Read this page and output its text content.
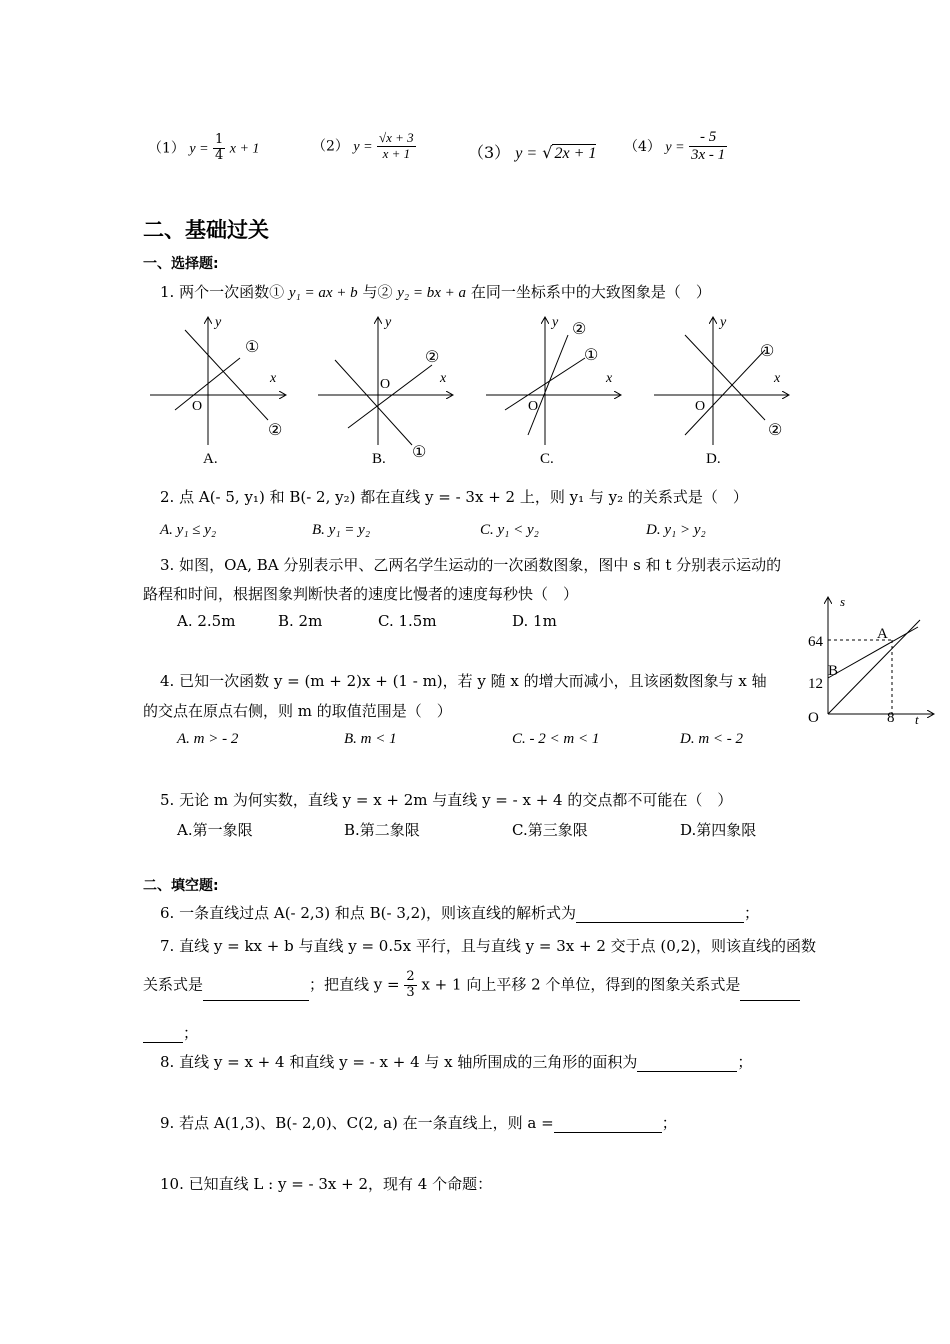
（1） $y = \frac{1}{4}$ x + 1	（2） $y = \frac{√x + 3}{x + 1}$	（3） y = √ 2x + 1 （4） $y = \frac{- 5}{3x - 1}$
二、基础过关
一、选择题:
1. 两个一次函数① y₁ = ax + b 与② y₂ = bx + a 在同一坐标系中的大致图象是（　）
y
x
O
①
②
A.
y
x
O
②
①
B.
y
x
O
②
①
C.
y
x
O
①
②
D.
2. 点 A(- 5, y₁) 和 B(- 2, y₂) 都在直线 y = - 3x + 2 上，则 y₁ 与 y₂ 的关系式是（　）
A. y₁ ≤ y₂	B. y₁ = y₂	C. y₁ < y₂	D. y₁ > y₂
3. 如图，OA, BA 分别表示甲、乙两名学生运动的一次函数图象，图中 s 和 t 分别表示运动的
路程和时间，根据图象判断快者的速度比慢者的速度每秒快（　）
A. 2.5m	B. 2m	C. 1.5m	D. 1m
s
t
O
A
B
64
12
8
4. 已知一次函数 y = (m + 2)x + (1 - m)，若 y 随 x 的增大而减小，且该函数图象与 x 轴
的交点在原点右侧，则 m 的取值范围是（　）
A. m > - 2	B. m < 1	C. - 2 < m < 1	D. m < - 2
5. 无论 m 为何实数，直线 y = x + 2m 与直线 y = - x + 4 的交点都不可能在（　）
A.第一象限	B.第二象限	C.第三象限	D.第四象限
二、填空题:
6. 一条直线过点 A(- 2,3) 和点 B(- 3,2)，则该直线的解析式为	；
7. 直线 y = kx + b 与直线 y = 0.5x 平行，且与直线 y = 3x + 2 交于点 (0,2)，则该直线的函数
关系式是	；把直线 $y = \frac{2}{3}$ x + 1 向上平移 2 个单位，得到的图象关系式是
；
8. 直线 y = x + 4 和直线 y = - x + 4 与 x 轴所围成的三角形的面积为	；
9. 若点 A(1,3)、B(- 2,0)、C(2, a) 在一条直线上，则 a =	；
10. 已知直线 L : y = - 3x + 2，现有 4 个命题：
